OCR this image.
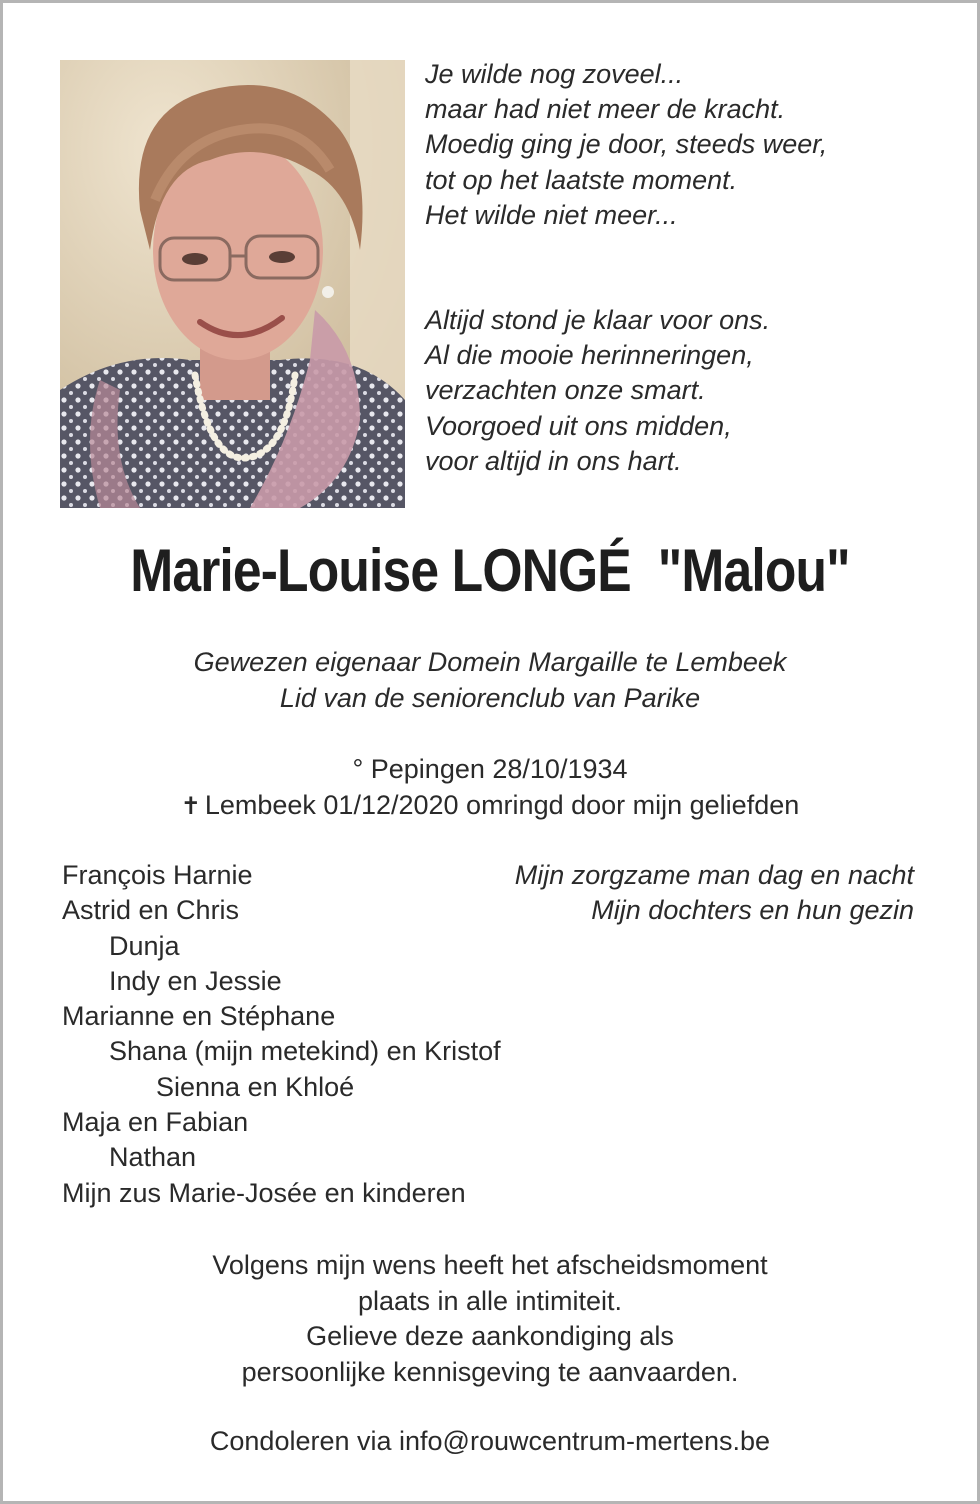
Je wilde nog zoveel...
maar had niet meer de kracht.
Moedig ging je door, steeds weer,
tot op het laatste moment.
Het wilde niet meer...
Altijd stond je klaar voor ons.
Al die mooie herinneringen,
verzachten onze smart.
Voorgoed uit ons midden,
voor altijd in ons hart.
Marie-Louise LONGÉ  "Malou"
Gewezen eigenaar Domein Margaille te Lembeek
Lid van de seniorenclub van Parike
° Pepingen 28/10/1934
✝ Lembeek 01/12/2020 omringd door mijn geliefden
François Harnie	Mijn zorgzame man dag en nacht
Astrid en Chris	Mijn dochters en hun gezin
Dunja
Indy en Jessie
Marianne en Stéphane
Shana (mijn metekind) en Kristof
Sienna en Khloé
Maja en Fabian
Nathan
Mijn zus Marie-Josée en kinderen
Volgens mijn wens heeft het afscheidsmoment
plaats in alle intimiteit.
Gelieve deze aankondiging als
persoonlijke kennisgeving te aanvaarden.
Condoleren via info@rouwcentrum-mertens.be
